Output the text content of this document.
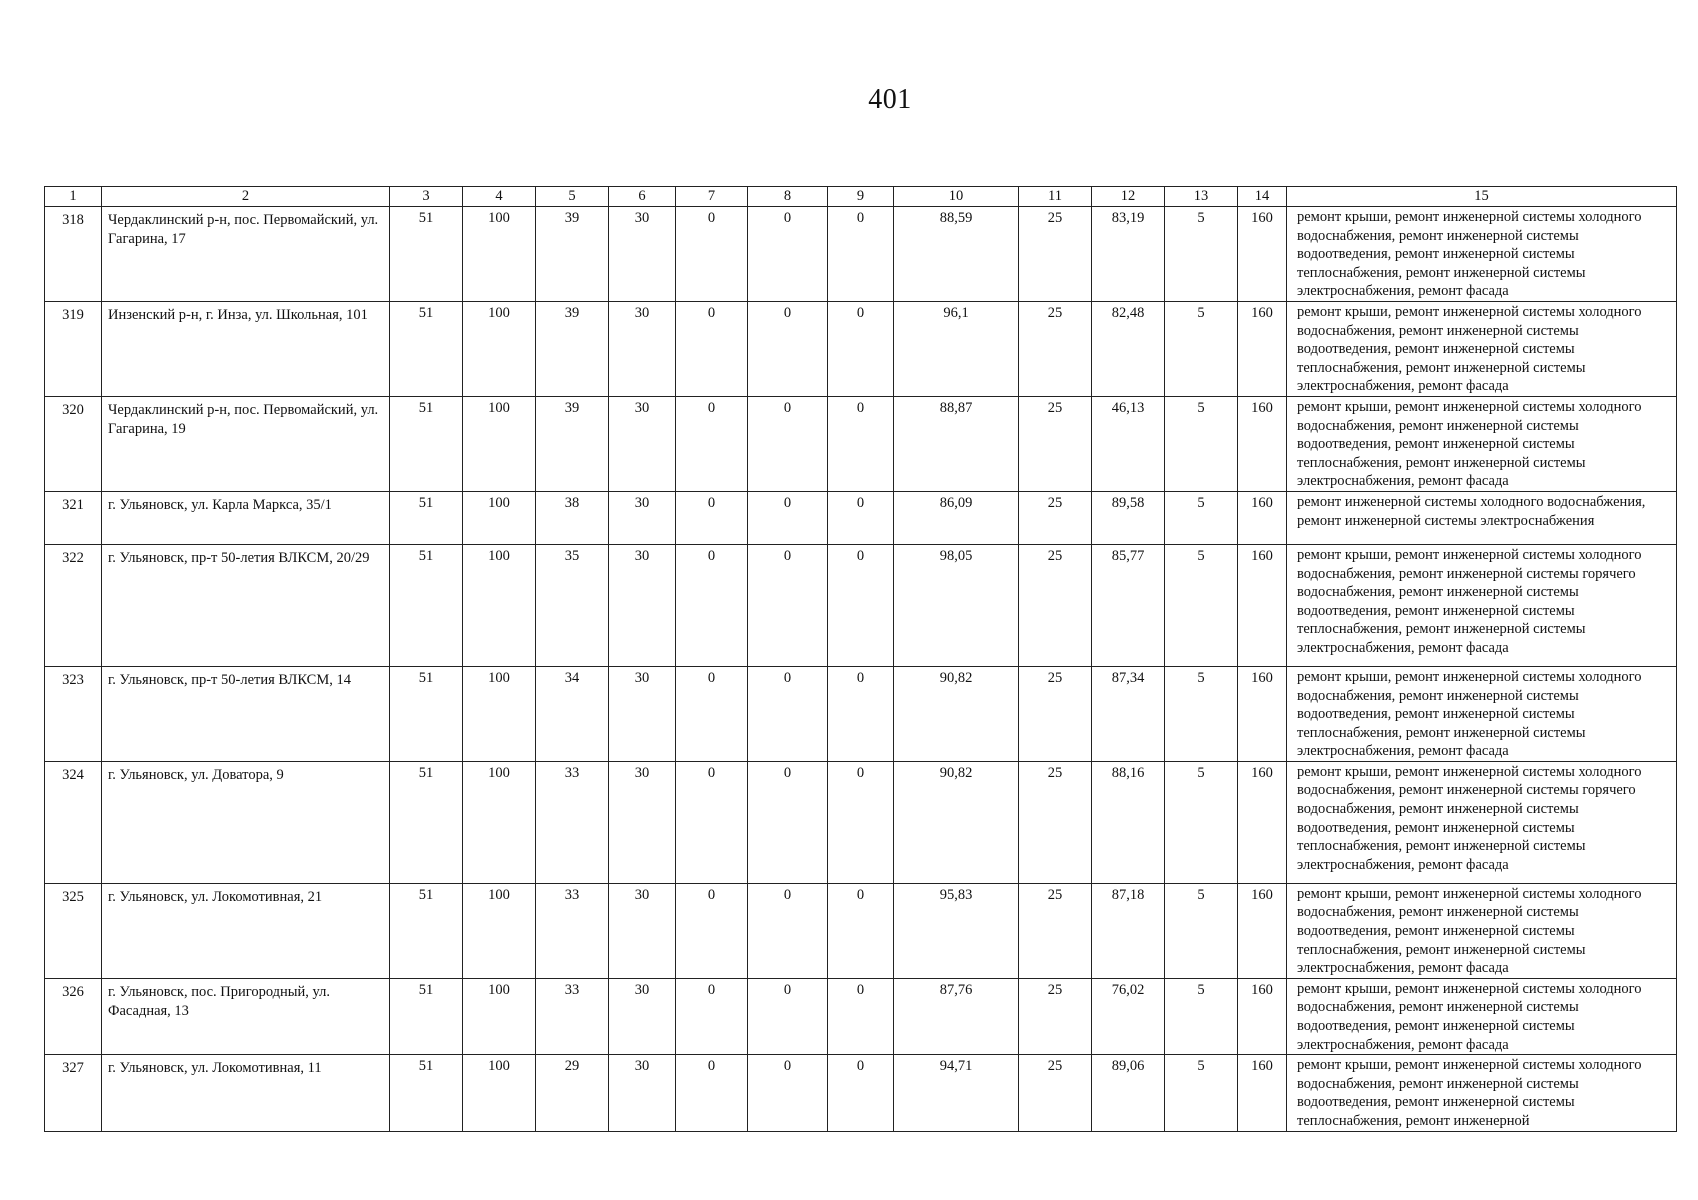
401
1	2	3	4	5	6	7	8	9	10	11	12	13	14	15
318	Чердаклинский р-н, пос. Первомайский, ул. Гагарина, 17	51	100	39	30	0	0	0	88,59	25	83,19	5	160	ремонт крыши, ремонт инженерной системы холодного водоснабжения, ремонт инженерной системы водоотведения, ремонт инженерной системы теплоснабжения, ремонт инженерной системы электроснабжения, ремонт фасада
319	Инзенский р-н, г. Инза, ул. Школьная, 101	51	100	39	30	0	0	0	96,1	25	82,48	5	160	ремонт крыши, ремонт инженерной системы холодного водоснабжения, ремонт инженерной системы водоотведения, ремонт инженерной системы теплоснабжения, ремонт инженерной системы электроснабжения, ремонт фасада
320	Чердаклинский р-н, пос. Первомайский, ул. Гагарина, 19	51	100	39	30	0	0	0	88,87	25	46,13	5	160	ремонт крыши, ремонт инженерной системы холодного водоснабжения, ремонт инженерной системы водоотведения, ремонт инженерной системы теплоснабжения, ремонт инженерной системы электроснабжения, ремонт фасада
321	г. Ульяновск, ул. Карла Маркса, 35/1	51	100	38	30	0	0	0	86,09	25	89,58	5	160	ремонт инженерной системы холодного водоснабжения, ремонт инженерной системы электроснабжения
322	г. Ульяновск, пр-т 50-летия ВЛКСМ, 20/29	51	100	35	30	0	0	0	98,05	25	85,77	5	160	ремонт крыши, ремонт инженерной системы холодного водоснабжения, ремонт инженерной системы горячего водоснабжения, ремонт инженерной системы водоотведения, ремонт инженерной системы теплоснабжения, ремонт инженерной системы электроснабжения, ремонт фасада
323	г. Ульяновск, пр-т 50-летия ВЛКСМ, 14	51	100	34	30	0	0	0	90,82	25	87,34	5	160	ремонт крыши, ремонт инженерной системы холодного водоснабжения, ремонт инженерной системы водоотведения, ремонт инженерной системы теплоснабжения, ремонт инженерной системы электроснабжения, ремонт фасада
324	г. Ульяновск, ул. Доватора, 9	51	100	33	30	0	0	0	90,82	25	88,16	5	160	ремонт крыши, ремонт инженерной системы холодного водоснабжения, ремонт инженерной системы горячего водоснабжения, ремонт инженерной системы водоотведения, ремонт инженерной системы теплоснабжения, ремонт инженерной системы электроснабжения, ремонт фасада
325	г. Ульяновск, ул. Локомотивная, 21	51	100	33	30	0	0	0	95,83	25	87,18	5	160	ремонт крыши, ремонт инженерной системы холодного водоснабжения, ремонт инженерной системы водоотведения, ремонт инженерной системы теплоснабжения, ремонт инженерной системы электроснабжения, ремонт фасада
326	г. Ульяновск, пос. Пригородный, ул. Фасадная, 13	51	100	33	30	0	0	0	87,76	25	76,02	5	160	ремонт крыши, ремонт инженерной системы холодного водоснабжения, ремонт инженерной системы водоотведения, ремонт инженерной системы электроснабжения, ремонт фасада
327	г. Ульяновск, ул. Локомотивная, 11	51	100	29	30	0	0	0	94,71	25	89,06	5	160	ремонт крыши, ремонт инженерной системы холодного водоснабжения, ремонт инженерной системы водоотведения, ремонт инженерной системы теплоснабжения, ремонт инженерной
